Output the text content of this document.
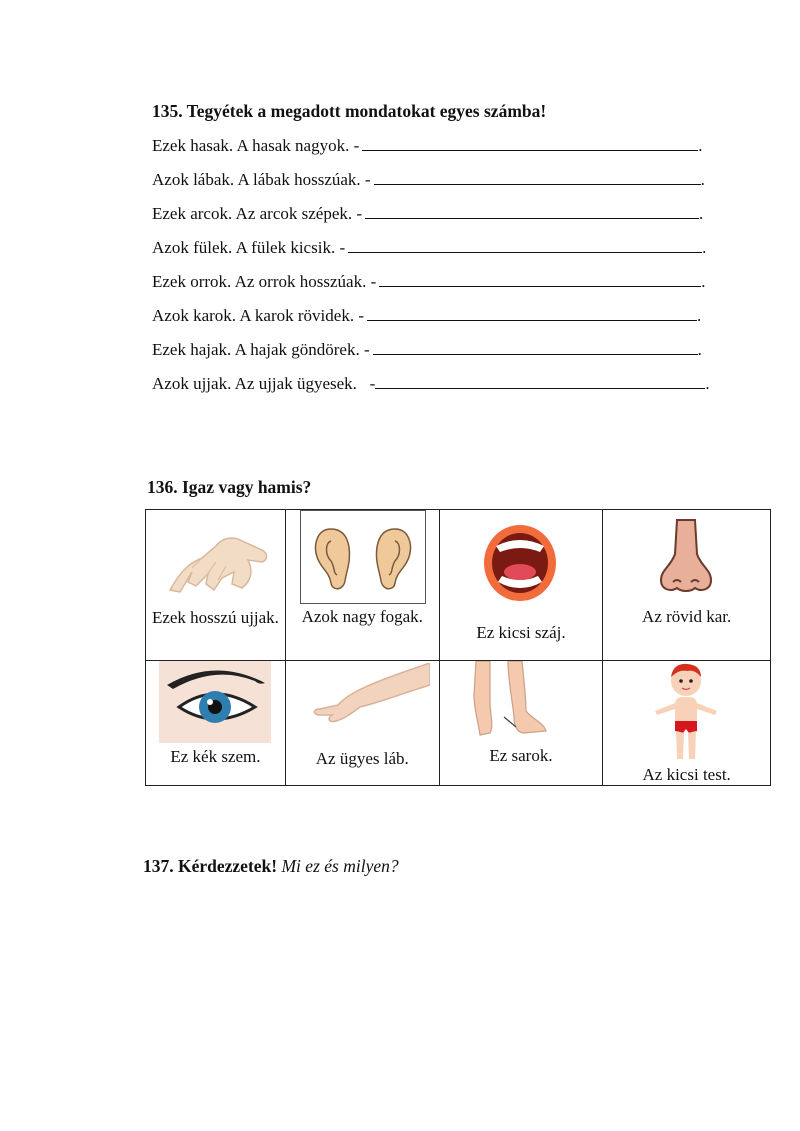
135. Tegyétek a megadott mondatokat egyes számba!
Ezek hasak. A hasak nagyok. -	.
Azok lábak. A lábak hosszúak. -	.
Ezek arcok. Az arcok szépek. -	.
Azok fülek. A fülek kicsik. -	.
Ezek orrok. Az orrok hosszúak. -	.
Azok karok. A karok rövidek. -	.
Ezek hajak. A hajak göndörek. -	.
Azok ujjak. Az ujjak ügyesek.   -	.
136. Igaz vagy hamis?
Ezek hosszú ujjak.	Azok nagy fogak.	Ez kicsi száj.	Az rövid kar.

Ez kék szem.	Az ügyes láb.	Ez sarok.	Az kicsi test.
137. Kérdezzetek! Mi ez és milyen?
